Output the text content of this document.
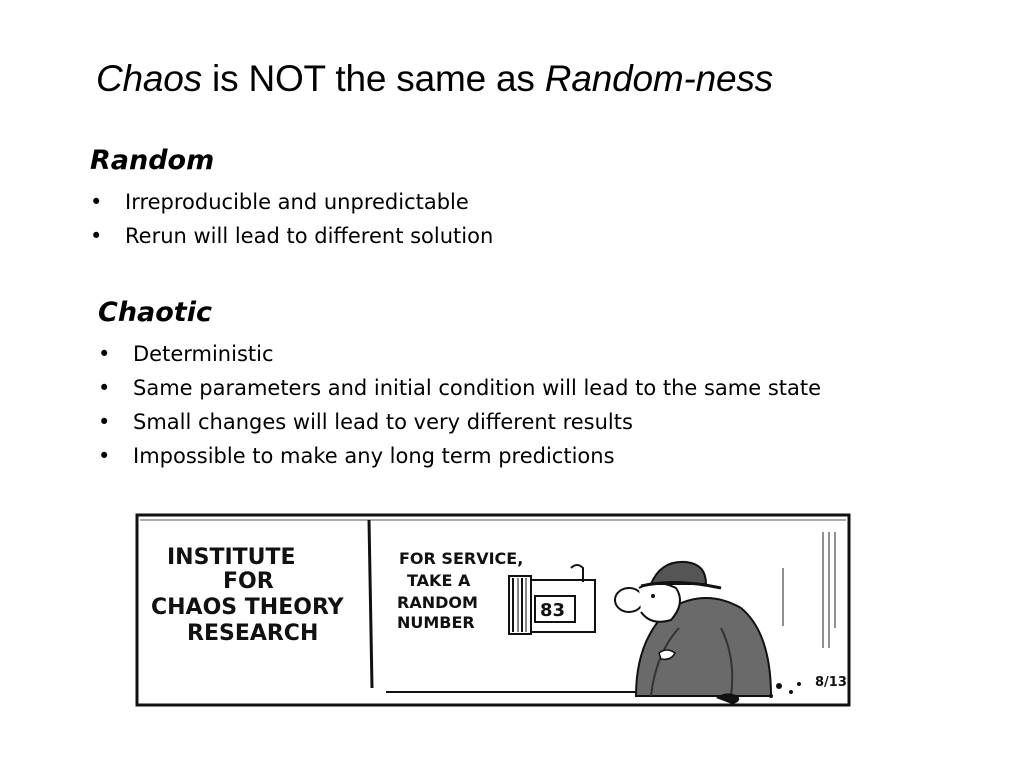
Chaos is NOT the same as Random-ness
Random
• Irreproducible and unpredictable
• Rerun will lead to different solution
Chaotic
• Deterministic
• Same parameters and initial condition will lead to the same state
• Small changes will lead to very different results
• Impossible to make any long term predictions
INSTITUTE
FOR
CHAOS THEORY
RESEARCH
FOR SERVICE,
TAKE A
RANDOM
NUMBER
83
8/13
